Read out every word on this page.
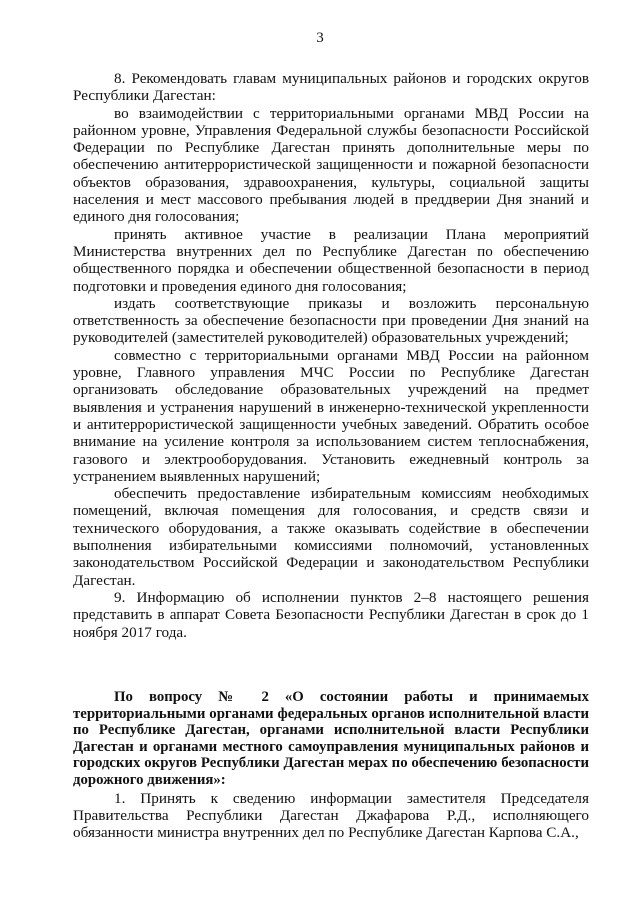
3

8. Рекомендовать главам муниципальных районов и городских округов Республики Дагестан:

во взаимодействии с территориальными органами МВД России на районном уровне, Управления Федеральной службы безопасности Российской Федерации по Республике Дагестан принять дополнительные меры по обеспечению антитеррористической защищенности и пожарной безопасности объектов образования, здравоохранения, культуры, социальной защиты населения и мест массового пребывания людей в преддверии Дня знаний и единого дня голосования;

принять активное участие в реализации Плана мероприятий Министерства внутренних дел по Республике Дагестан по обеспечению общественного порядка и обеспечении общественной безопасности в период подготовки и проведения единого дня голосования;

издать соответствующие приказы и возложить персональную ответственность за обеспечение безопасности при проведении Дня знаний на руководителей (заместителей руководителей) образовательных учреждений;

совместно с территориальными органами МВД России на районном уровне, Главного управления МЧС России по Республике Дагестан организовать обследование образовательных учреждений на предмет выявления и устранения нарушений в инженерно-технической укрепленности и антитеррористической защищенности учебных заведений. Обратить особое внимание на усиление контроля за использованием систем теплоснабжения, газового и электрооборудования. Установить ежедневный контроль за устранением выявленных нарушений;

обеспечить предоставление избирательным комиссиям необходимых помещений, включая помещения для голосования, и средств связи и технического оборудования, а также оказывать содействие в обеспечении выполнения избирательными комиссиями полномочий, установленных законодательством Российской Федерации и законодательством Республики Дагестан.

9. Информацию об исполнении пунктов 2–8 настоящего решения представить в аппарат Совета Безопасности Республики Дагестан в срок до 1 ноября 2017 года.

По вопросу № 2 «О состоянии работы и принимаемых территориальными органами федеральных органов исполнительной власти по Республике Дагестан, органами исполнительной власти Республики Дагестан и органами местного самоуправления муниципальных районов и городских округов Республики Дагестан мерах по обеспечению безопасности дорожного движения»:

1. Принять к сведению информации заместителя Председателя Правительства Республики Дагестан Джафарова Р.Д., исполняющего обязанности министра внутренних дел по Республике Дагестан Карпова С.А.,
